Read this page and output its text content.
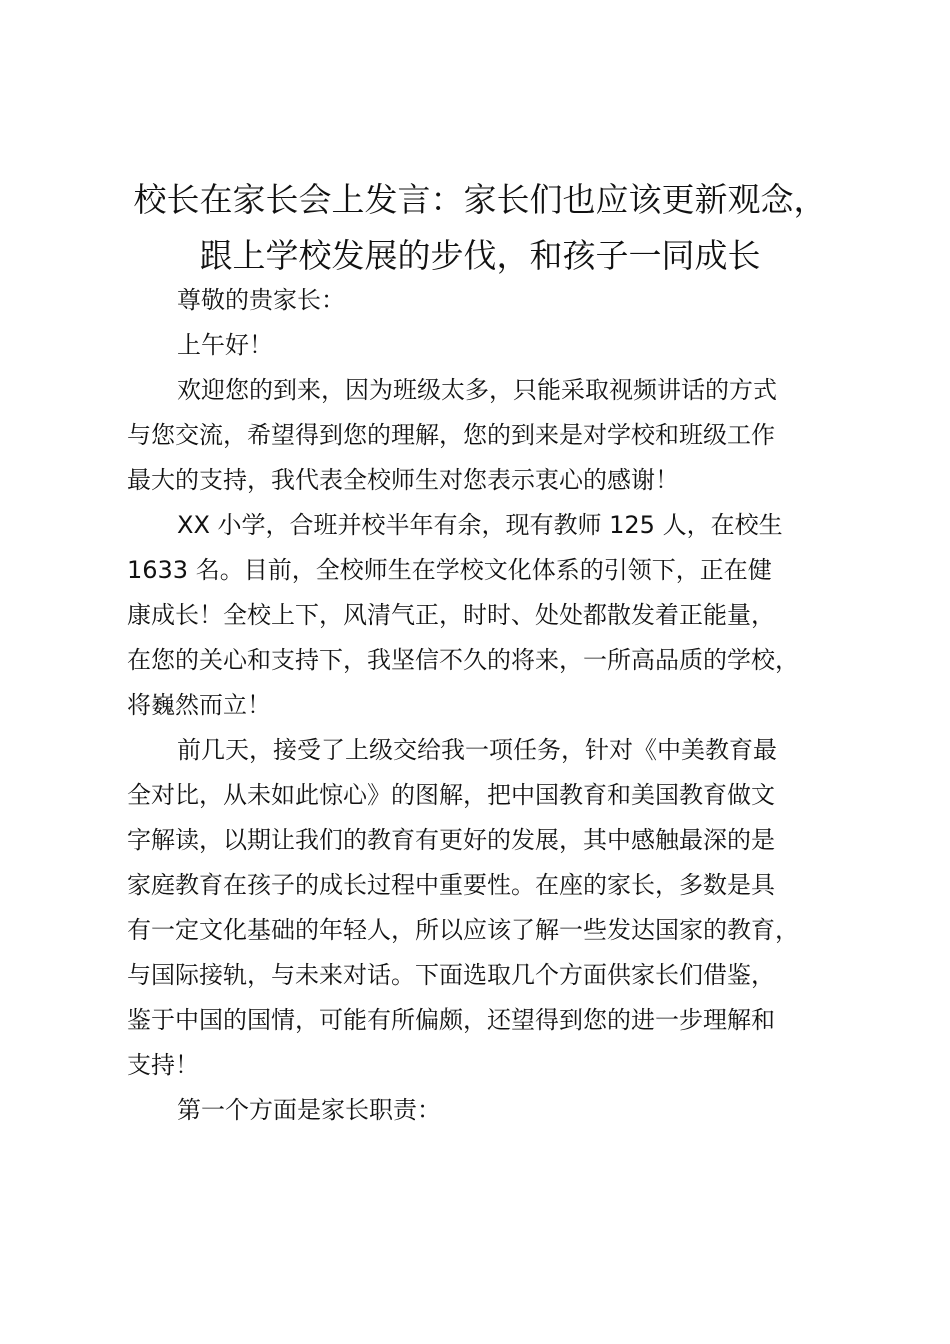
校长在家长会上发言：家长们也应该更新观念，
跟上学校发展的步伐，和孩子一同成长

尊敬的贵家长：

上午好！

欢迎您的到来，因为班级太多，只能采取视频讲话的方式
与您交流，希望得到您的理解，您的到来是对学校和班级工作
最大的支持，我代表全校师生对您表示衷心的感谢！

XX 小学，合班并校半年有余，现有教师 125 人，在校生
1633 名。目前，全校师生在学校文化体系的引领下，正在健
康成长！全校上下，风清气正，时时、处处都散发着正能量，
在您的关心和支持下，我坚信不久的将来，一所高品质的学校，
将巍然而立！

前几天，接受了上级交给我一项任务，针对《中美教育最
全对比，从未如此惊心》的图解，把中国教育和美国教育做文
字解读，以期让我们的教育有更好的发展，其中感触最深的是
家庭教育在孩子的成长过程中重要性。在座的家长，多数是具
有一定文化基础的年轻人，所以应该了解一些发达国家的教育，
与国际接轨，与未来对话。下面选取几个方面供家长们借鉴，
鉴于中国的国情，可能有所偏颇，还望得到您的进一步理解和
支持！

第一个方面是家长职责：
